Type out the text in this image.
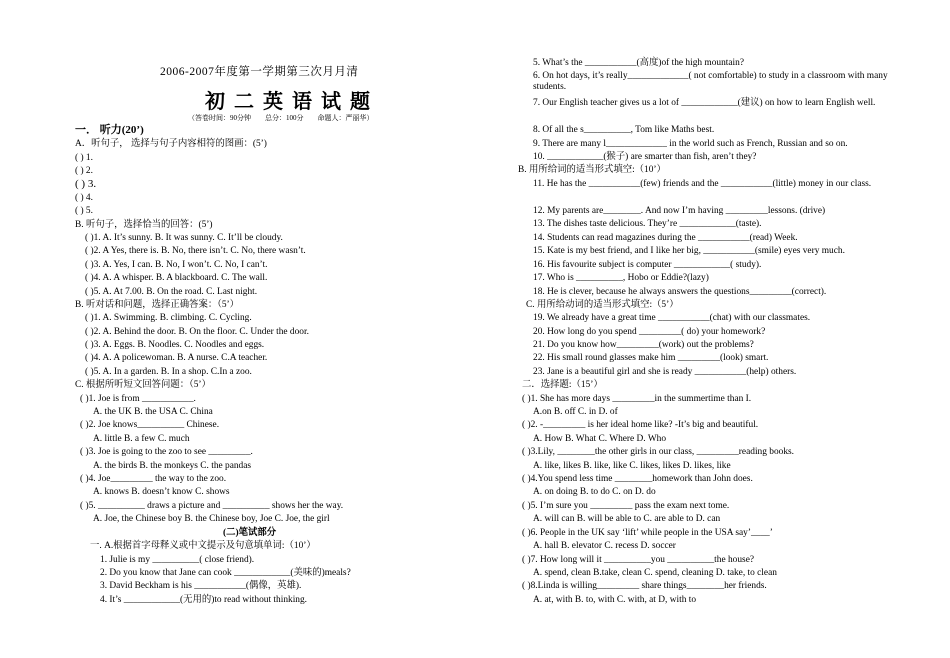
2006-2007年度第一学期第三次月月清
初二英语试题
（答卷时间：90分钟　　总分：100分　　命题人：严丽华）
一． 听力(20’)
A．听句子， 选择与句子内容相符的图画：(5’)
( ) 1.
( ) 2.
( ) 3.
( ) 4.
( ) 5.
B. 听句子，选择恰当的回答：(5’)
( )1. A. It’s sunny. B. It was sunny. C. It’ll be cloudy.
( )2. A Yes, there is. B. No, there isn’t. C. No, there wasn’t.
( )3. A. Yes, I can. B. No, I won’t. C. No, I can’t.
( )4. A. A whisper. B. A blackboard. C. The wall.
( )5. A. At 7.00. B. On the road. C. Last night.
B. 听对话和问题，选择正确答案：（5’）
( )1. A. Swimming. B. climbing. C. Cycling.
( )2. A. Behind the door. B. On the floor. C. Under the door.
( )3. A. Eggs. B. Noodles. C. Noodles and eggs.
( )4. A. A policewoman. B. A nurse. C.A teacher.
( )5. A. In a garden. B. In a shop. C.In a zoo.
C. 根据所听短文回答问题：（5’）
( )1. Joe is from ___________.
A. the UK B. the USA C. China
( )2. Joe knows__________ Chinese.
A. little B. a few C. much
( )3. Joe is going to the zoo to see _________.
A. the birds B. the monkeys C. the pandas
( )4. Joe_________ the way to the zoo.
A. knows B. doesn’t know C. shows
( )5. __________ draws a picture and __________ shows her the way.
A. Joe, the Chinese boy B. the Chinese boy, Joe C. Joe, the girl
(二)笔试部分
一. A.根据首字母释义或中文提示及句意填单词:（10’）
1. Julie is my __________( close friend).
2. Do you know that Jane can cook ____________(美味的)meals?
3. David Beckham is his ___________(偶像，英雄).
4. It’s ____________(无用的)to read without thinking.
5. What’s the ___________(高度)of the high mountain?
6. On hot days, it’s really_____________( not comfortable) to study in a classroom with many students.
7. Our English teacher gives us a lot of ____________(建议) on how to learn English well.
8. Of all the s__________, Tom like Maths best.
9. There are many l_____________ in the world such as French, Russian and so on.
10. ____________(猴子) are smarter than fish, aren’t they?
B. 用所给词的适当形式填空:（10’）
11. He has the ___________(few) friends and the ___________(little) money in our class.
12. My parents are________. And now I’m having _________lessons. (drive)
13. The dishes taste delicious. They’re ____________(taste).
14. Students can read magazines during the ___________(read) Week.
15. Kate is my best friend, and I like her big, ___________(smile) eyes very much.
16. His favourite subject is computer ____________( study).
17. Who is __________, Hobo or Eddie?(lazy)
18. He is clever, because he always answers the questions_________(correct).
C. 用所给动词的适当形式填空:（5’）
19. We already have a great time ___________(chat) with our classmates.
20. How long do you spend _________( do) your homework?
21. Do you know how_________(work) out the problems?
22. His small round glasses make him _________(look) smart.
23. Jane is a beautiful girl and she is ready ___________(help) others.
二．选择题:（15’）
( )1. She has more days _________in the summertime than I.
A.on B. off C. in D. of
( )2. -_________ is her ideal home like? -It’s big and beautiful.
A. How B. What C. Where D. Who
( )3.Lily, ________the other girls in our class, _________reading books.
A. like, likes B. like, like C. likes, likes D. likes, like
( )4.You spend less time ________homework than John does.
A. on doing B. to do C. on D. do
( )5. I’m sure you _________ pass the exam next tome.
A. will can B. will be able to C. are able to D. can
( )6. People in the UK say ‘lift’ while people in the USA say’____’
A. hall B. elevator C. recess D. soccer
( )7. How long will it __________you __________the house?
A. spend, clean B.take, clean C. spend, cleaning D. take, to clean
( )8.Linda is willing_________ share things________her friends.
A. at, with B. to, with C. with, at D, with to
